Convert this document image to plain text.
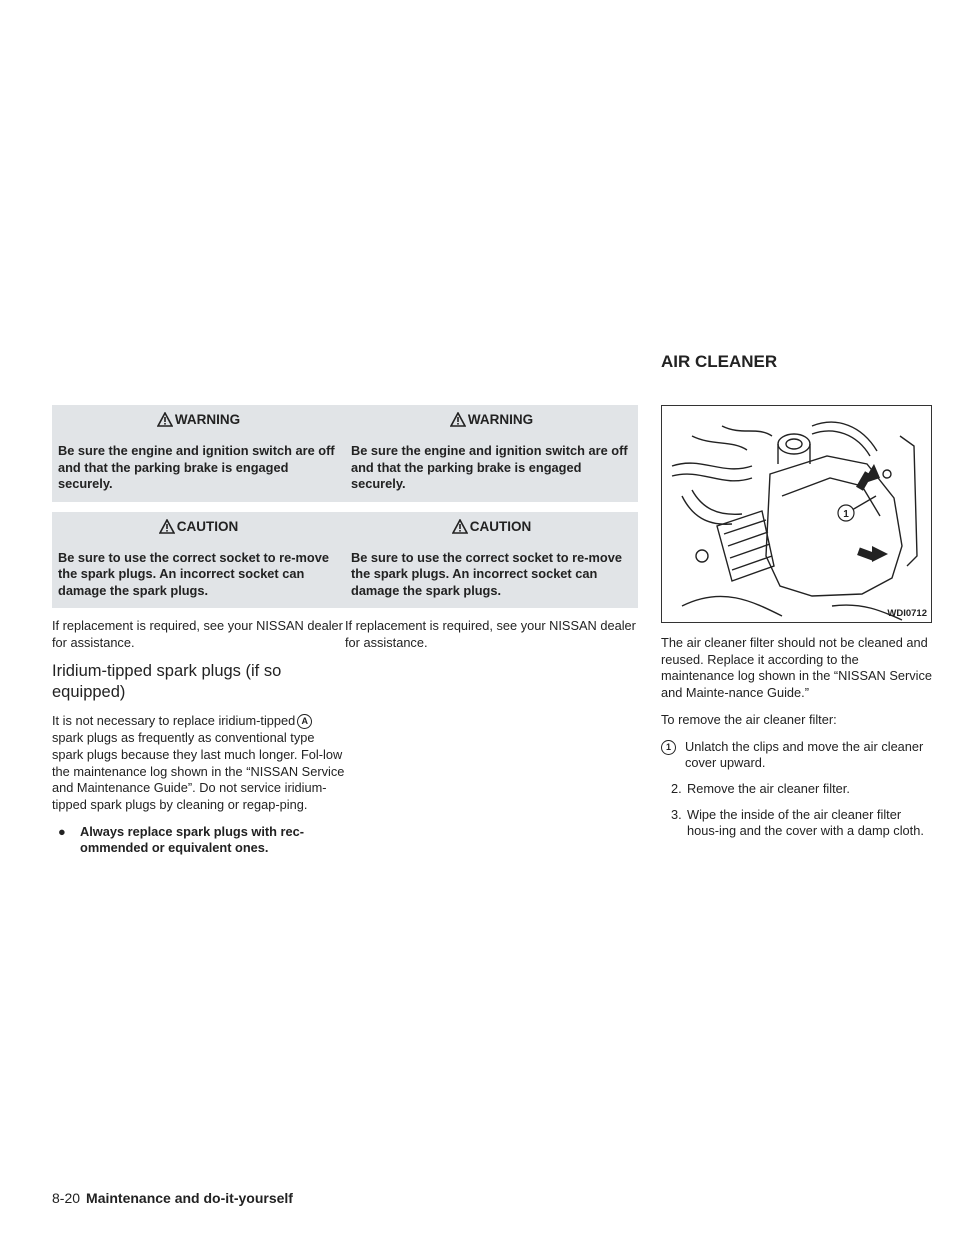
AIR CLEANER
WARNING
Be sure the engine and ignition switch are off and that the parking brake is engaged securely.
CAUTION
Be sure to use the correct socket to re-move the spark plugs. An incorrect socket can damage the spark plugs.

If replacement is required, see your NISSAN dealer for assistance.

Iridium-tipped spark plugs (if so equipped)

It is not necessary to replace iridium-tipped A spark plugs as frequently as conventional type spark plugs because they last much longer. Fol-low the maintenance log shown in the “NISSAN Service and Maintenance Guide”. Do not service iridium-tipped spark plugs by cleaning or regap-ping.

●	Always replace spark plugs with rec-ommended or equivalent ones.
WARNING
Be sure the engine and ignition switch are off and that the parking brake is engaged securely.
CAUTION
Be sure to use the correct socket to re-move the spark plugs. An incorrect socket can damage the spark plugs.

If replacement is required, see your NISSAN dealer for assistance.

1
WDI0712

The air cleaner filter should not be cleaned and reused. Replace it according to the maintenance log shown in the “NISSAN Service and Mainte-nance Guide.”

To remove the air cleaner filter:

1	Unlatch the clips and move the air cleaner cover upward.
2. Remove the air cleaner filter.
3. Wipe the inside of the air cleaner filter hous-ing and the cover with a damp cloth.
8-20 Maintenance and do-it-yourself
